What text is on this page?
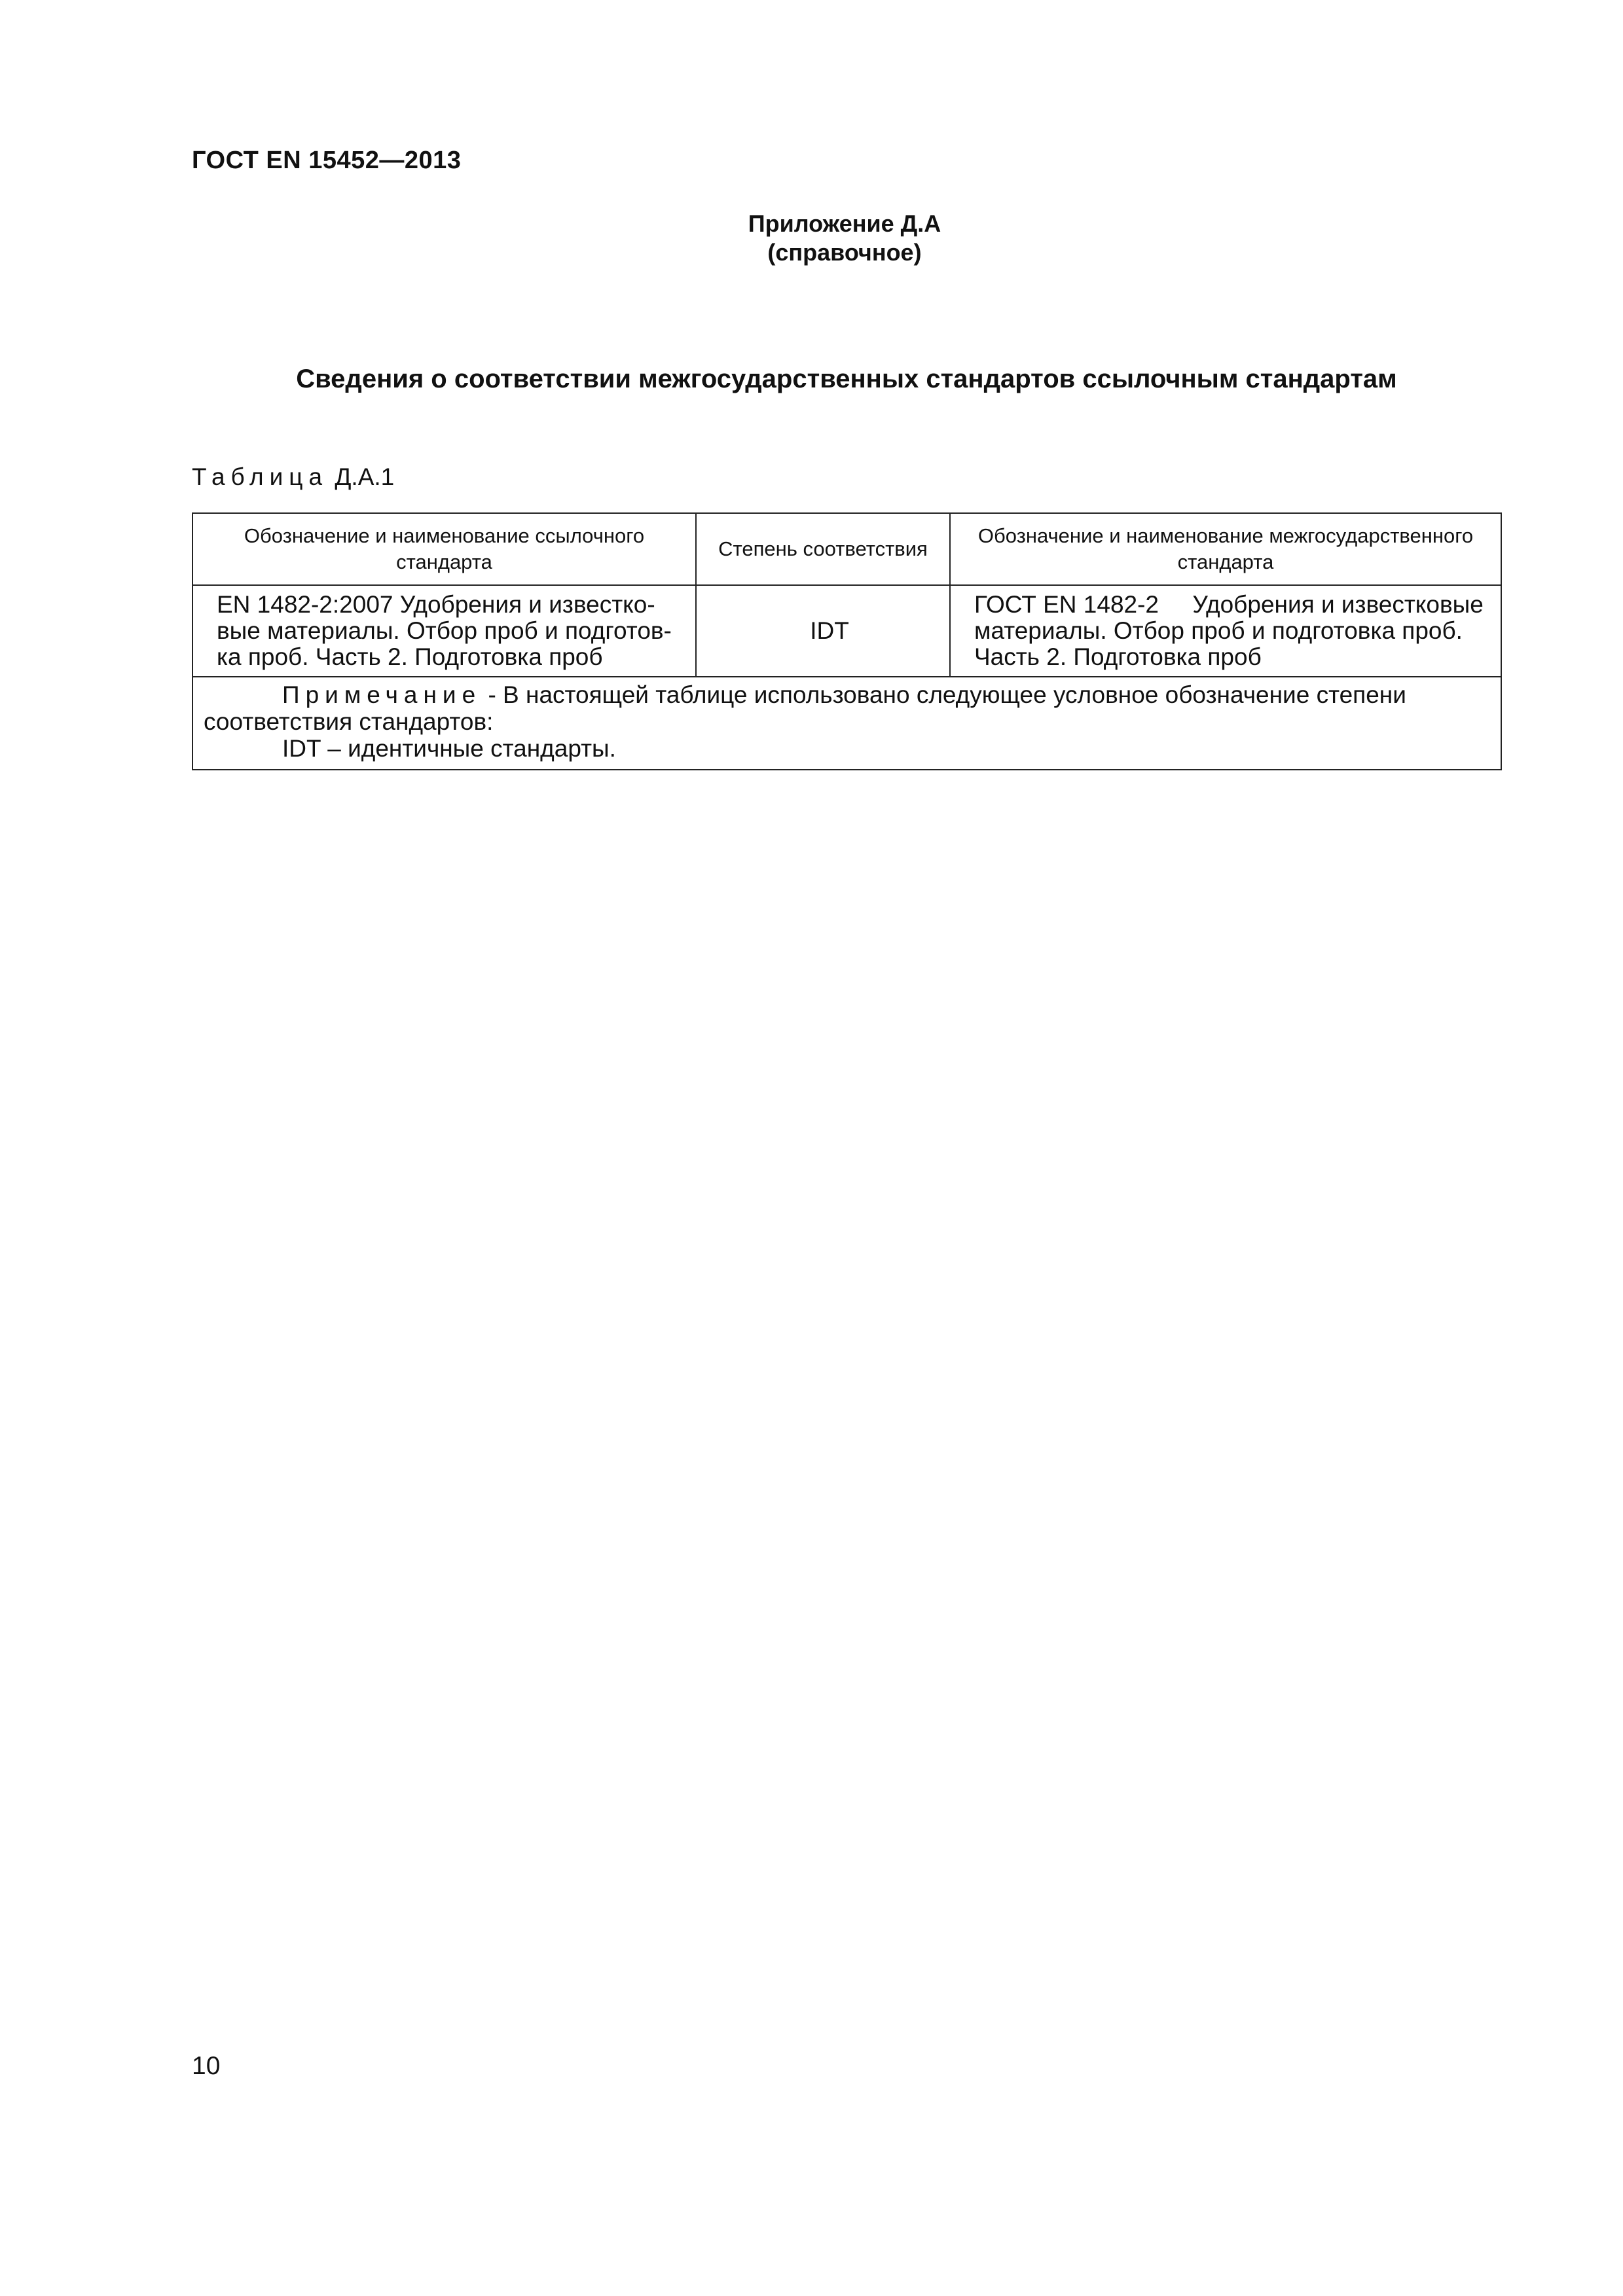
ГОСТ EN 15452—2013
Приложение Д.А
(справочное)
Сведения о соответствии межгосударственных стандартов ссылочным стандартам
Таблица Д.А.1
Обозначение и наименование ссылочного стандарта	Степень соответствия	Обозначение и наименование межгосударственного стандарта
EN 1482-2:2007 Удобрения и известко-вые материалы. Отбор проб и подготов-ка проб. Часть 2. Подготовка проб	IDT	ГОСТ EN 1482-2     Удобрения и известковые материалы. Отбор проб и подготовка проб. Часть 2. Подготовка проб

Примечание - В настоящей таблице использовано следующее условное обозначение степени соответствия стандартов:
IDT – идентичные стандарты.		
10
